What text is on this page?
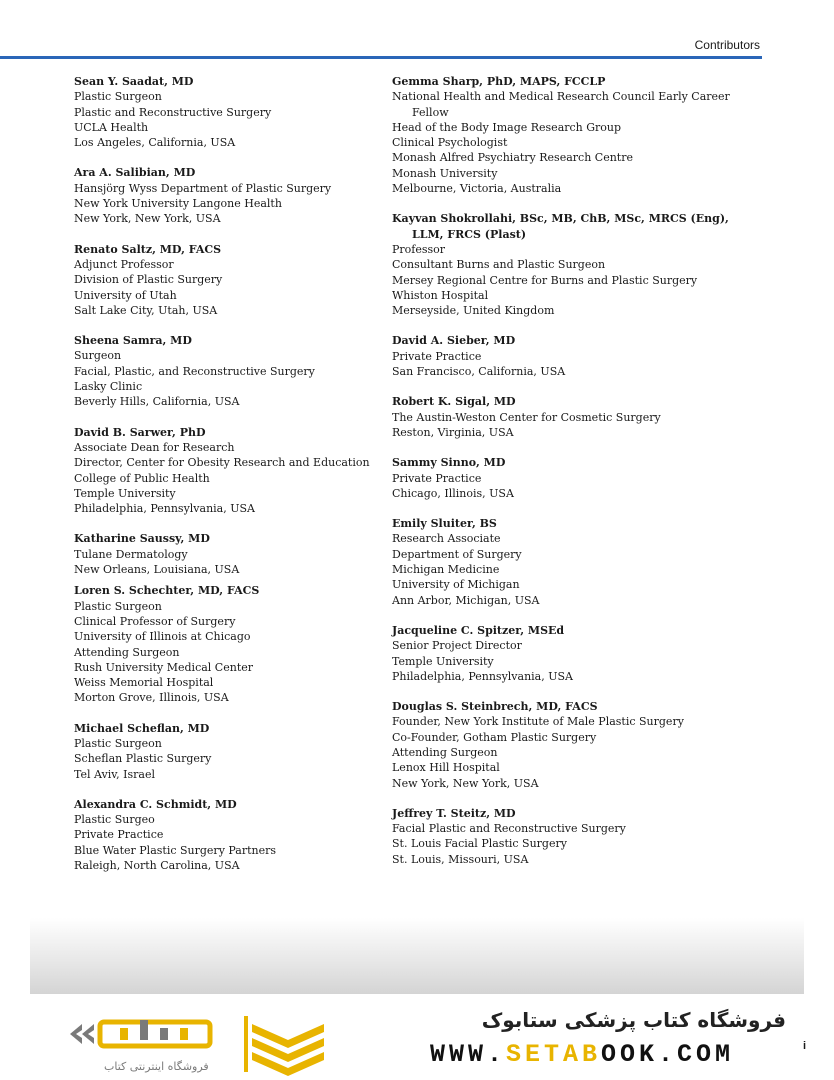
Contributors
Sean Y. Saadat, MD
Plastic Surgeon
Plastic and Reconstructive Surgery
UCLA Health
Los Angeles, California, USA
Ara A. Salibian, MD
Hansjörg Wyss Department of Plastic Surgery
New York University Langone Health
New York, New York, USA
Renato Saltz, MD, FACS
Adjunct Professor
Division of Plastic Surgery
University of Utah
Salt Lake City, Utah, USA
Sheena Samra, MD
Surgeon
Facial, Plastic, and Reconstructive Surgery
Lasky Clinic
Beverly Hills, California, USA
David B. Sarwer, PhD
Associate Dean for Research
Director, Center for Obesity Research and Education
College of Public Health
Temple University
Philadelphia, Pennsylvania, USA
Katharine Saussy, MD
Tulane Dermatology
New Orleans, Louisiana, USA
Loren S. Schechter, MD, FACS
Plastic Surgeon
Clinical Professor of Surgery
University of Illinois at Chicago
Attending Surgeon
Rush University Medical Center
Weiss Memorial Hospital
Morton Grove, Illinois, USA
Michael Scheflan, MD
Plastic Surgeon
Scheflan Plastic Surgery
Tel Aviv, Israel
Alexandra C. Schmidt, MD
Plastic Surgeo
Private Practice
Blue Water Plastic Surgery Partners
Raleigh, North Carolina, USA
Gemma Sharp, PhD, MAPS, FCCLP
National Health and Medical Research Council Early Career
Fellow
Head of the Body Image Research Group
Clinical Psychologist
Monash Alfred Psychiatry Research Centre
Monash University
Melbourne, Victoria, Australia
Kayvan Shokrollahi, BSc, MB, ChB, MSc, MRCS (Eng),
LLM, FRCS (Plast)
Professor
Consultant Burns and Plastic Surgeon
Mersey Regional Centre for Burns and Plastic Surgery
Whiston Hospital
Merseyside, United Kingdom
David A. Sieber, MD
Private Practice
San Francisco, California, USA
Robert K. Sigal, MD
The Austin-Weston Center for Cosmetic Surgery
Reston, Virginia, USA
Sammy Sinno, MD
Private Practice
Chicago, Illinois, USA
Emily Sluiter, BS
Research Associate
Department of Surgery
Michigan Medicine
University of Michigan
Ann Arbor, Michigan, USA
Jacqueline C. Spitzer, MSEd
Senior Project Director
Temple University
Philadelphia, Pennsylvania, USA
Douglas S. Steinbrech, MD, FACS
Founder, New York Institute of Male Plastic Surgery
Co-Founder, Gotham Plastic Surgery
Attending Surgeon
Lenox Hill Hospital
New York, New York, USA
Jeffrey T. Steitz, MD
Facial Plastic and Reconstructive Surgery
St. Louis Facial Plastic Surgery
St. Louis, Missouri, USA
فروشگاه اینترنتی کتاب
فروشگاه کتاب پزشکی ستابوک
WWW.SETABOOK.COM	i
